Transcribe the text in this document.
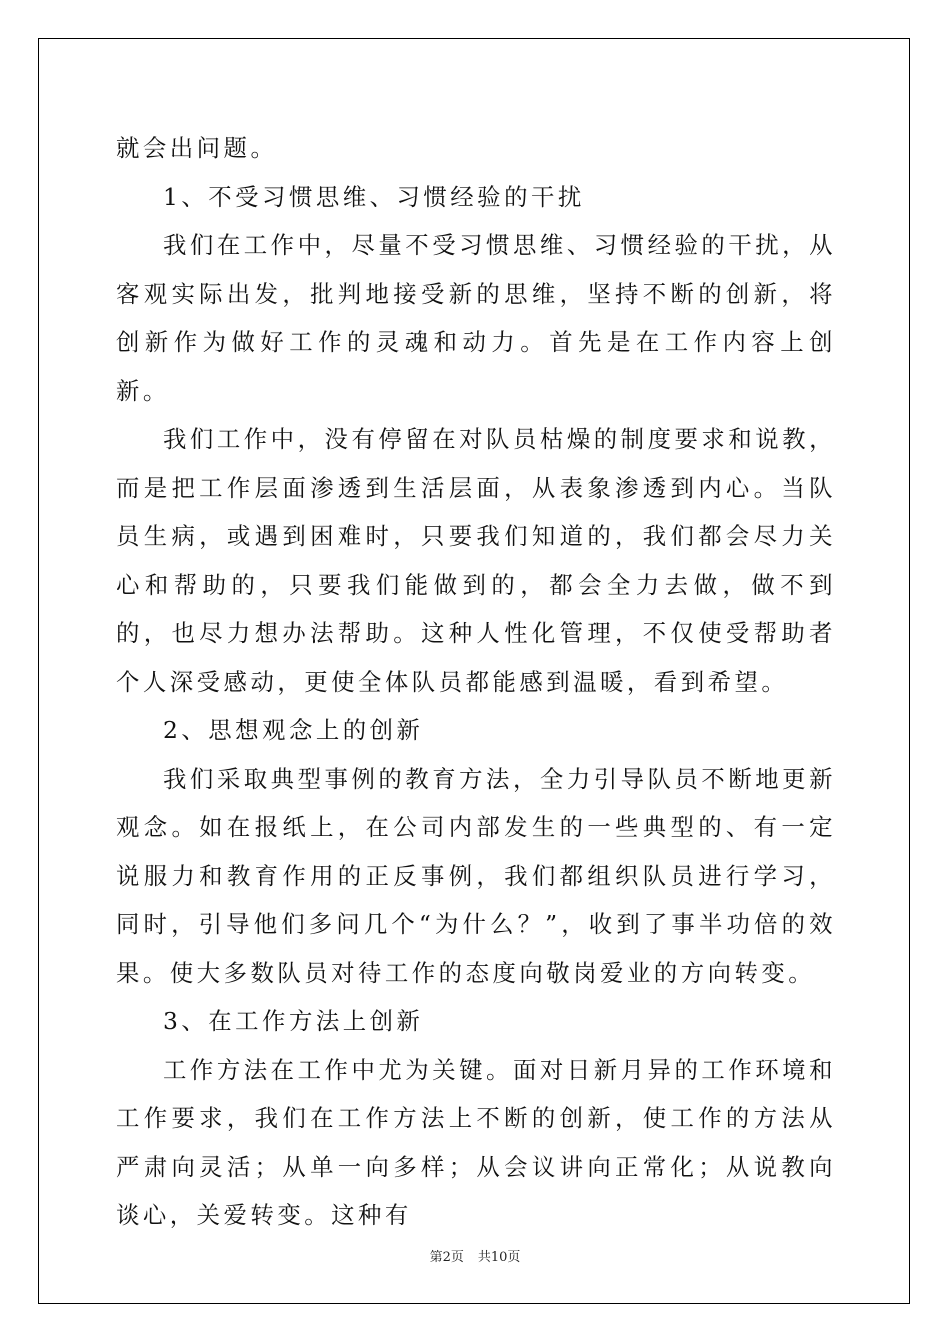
就会出问题。

1、不受习惯思维、习惯经验的干扰

我们在工作中，尽量不受习惯思维、习惯经验的干扰，从客观实际出发，批判地接受新的思维，坚持不断的创新，将创新作为做好工作的灵魂和动力。首先是在工作内容上创新。

我们工作中，没有停留在对队员枯燥的制度要求和说教，而是把工作层面渗透到生活层面，从表象渗透到内心。当队员生病，或遇到困难时，只要我们知道的，我们都会尽力关心和帮助的，只要我们能做到的，都会全力去做，做不到的，也尽力想办法帮助。这种人性化管理，不仅使受帮助者个人深受感动，更使全体队员都能感到温暖，看到希望。

2、思想观念上的创新

我们采取典型事例的教育方法，全力引导队员不断地更新观念。如在报纸上，在公司内部发生的一些典型的、有一定说服力和教育作用的正反事例，我们都组织队员进行学习，同时，引导他们多问几个“为什么？”，收到了事半功倍的效果。使大多数队员对待工作的态度向敬岗爱业的方向转变。

3、在工作方法上创新

工作方法在工作中尤为关键。面对日新月异的工作环境和工作要求，我们在工作方法上不断的创新，使工作的方法从严肃向灵活；从单一向多样；从会议讲向正常化；从说教向谈心，关爱转变。这种有

第2页 共10页
